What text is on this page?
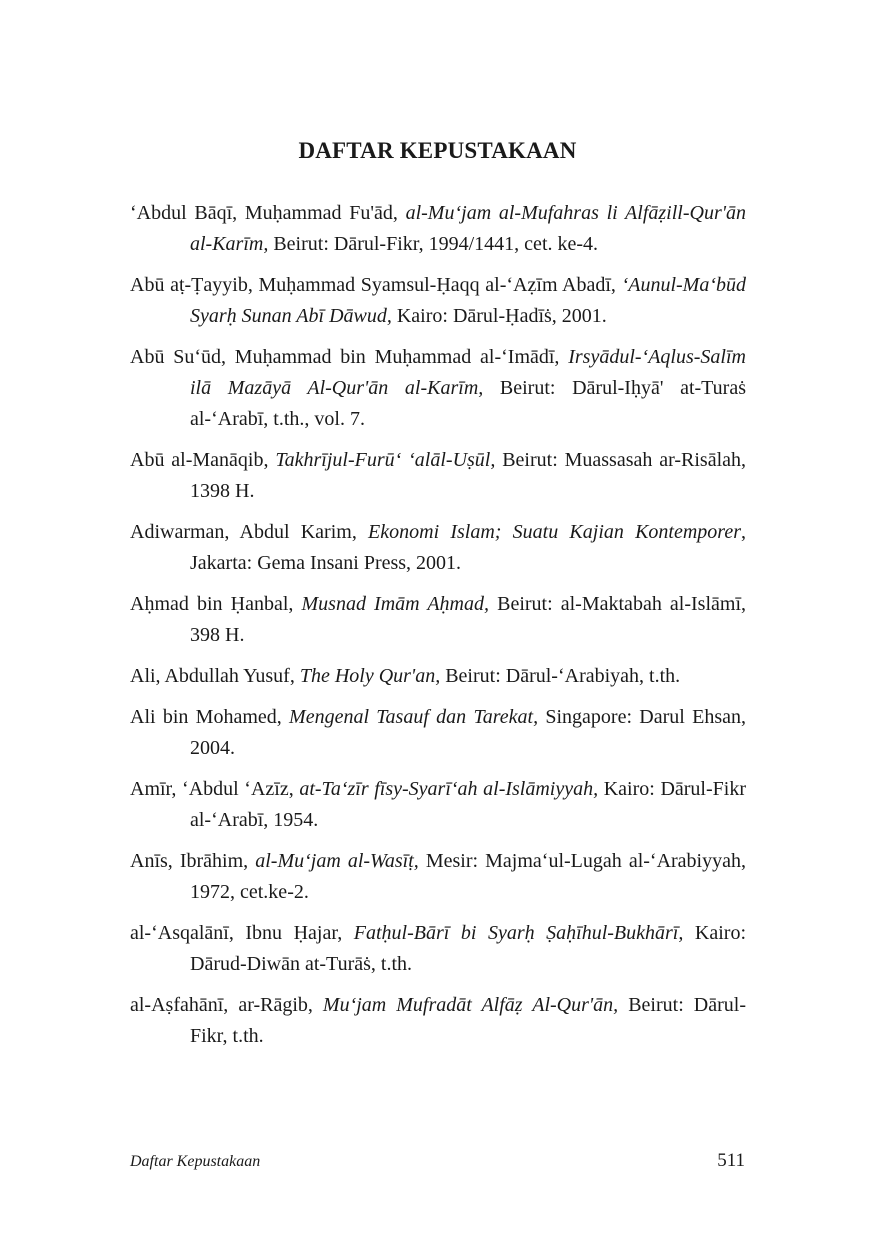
DAFTAR KEPUSTAKAAN

‘Abdul Bāqī, Muḥammad Fu'ād, al-Mu‘jam al-Mufahras li Alfāẓill-Qur'ān al-Karīm, Beirut: Dārul-Fikr, 1994/1441, cet. ke-4.

Abū aṭ-Ṭayyib, Muḥammad Syamsul-Ḥaqq al-‘Aẓīm Abadī, ‘Aunul-Ma‘būd Syarḥ Sunan Abī Dāwud, Kairo: Dārul-Ḥadīṡ, 2001.

Abū Su‘ūd, Muḥammad bin Muḥammad al-‘Imādī, Irsyādul-‘Aqlus-Salīm ilā Mazāyā Al-Qur'ān al-Karīm, Beirut: Dārul-Iḥyā' at-Turaṡ al-‘Arabī, t.th., vol. 7.

Abū al-Manāqib, Takhrījul-Furū‘ ‘alāl-Uṣūl, Beirut: Muassasah ar-Risālah, 1398 H.

Adiwarman, Abdul Karim, Ekonomi Islam; Suatu Kajian Kontemporer, Jakarta: Gema Insani Press, 2001.

Aḥmad bin Ḥanbal, Musnad Imām Aḥmad, Beirut: al-Maktabah al-Islāmī, 398 H.

Ali, Abdullah Yusuf, The Holy Qur'an, Beirut: Dārul-‘Arabiyah, t.th.

Ali bin Mohamed, Mengenal Tasauf dan Tarekat, Singapore: Darul Ehsan, 2004.

Amīr, ‘Abdul ‘Azīz, at-Ta‘zīr fīsy-Syarī‘ah al-Islāmiyyah, Kairo: Dārul-Fikr al-‘Arabī, 1954.

Anīs, Ibrāhim, al-Mu‘jam al-Wasīṭ, Mesir: Majma‘ul-Lugah al-‘Arabiyyah, 1972, cet.ke-2.

al-‘Asqalānī, Ibnu Ḥajar, Fatḥul-Bārī bi Syarḥ Ṣaḥīhul-Bukhārī, Kairo: Dārud-Diwān at-Turāṡ, t.th.

al-Aṣfahānī, ar-Rāgib, Mu‘jam Mufradāt Alfāẓ Al-Qur'ān, Beirut: Dārul-Fikr, t.th.

Daftar Kepustakaan	511
